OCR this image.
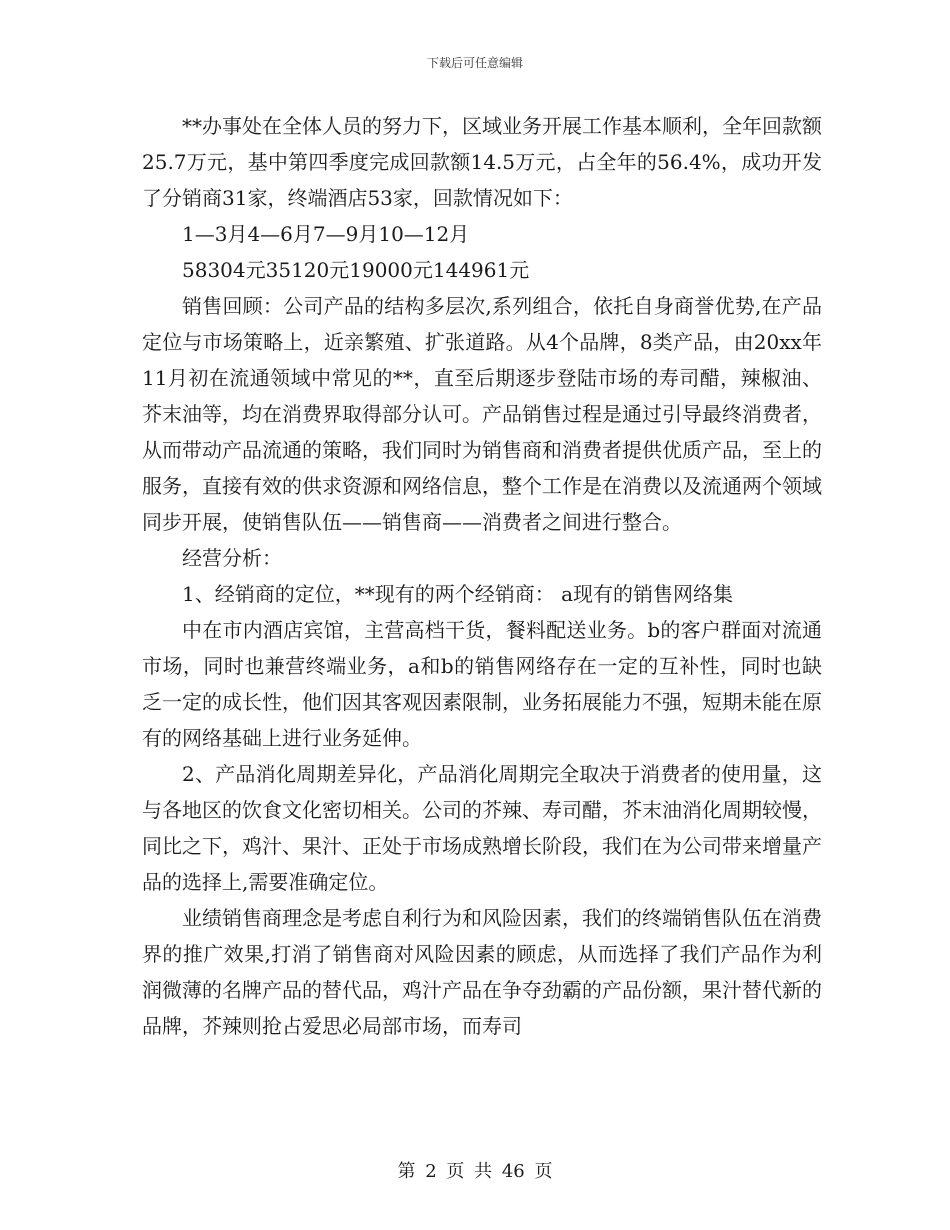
下载后可任意编辑

**办事处在全体人员的努力下，区域业务开展工作基本顺利，全年回款额25.7万元，基中第四季度完成回款额14.5万元，占全年的56.4%，成功开发了分销商31家，终端酒店53家，回款情况如下：

1—3月4—6月7—9月10—12月

58304元35120元19000元144961元

销售回顾：公司产品的结构多层次,系列组合，依托自身商誉优势,在产品定位与市场策略上，近亲繁殖、扩张道路。从4个品牌，8类产品，由20xx年11月初在流通领域中常见的**，直至后期逐步登陆市场的寿司醋，辣椒油、芥末油等，均在消费界取得部分认可。产品销售过程是通过引导最终消费者，从而带动产品流通的策略，我们同时为销售商和消费者提供优质产品，至上的服务，直接有效的供求资源和网络信息，整个工作是在消费以及流通两个领域同步开展，使销售队伍——销售商——消费者之间进行整合。

经营分析：

1、经销商的定位，**现有的两个经销商： a现有的销售网络集

中在市内酒店宾馆，主营高档干货，餐料配送业务。b的客户群面对流通市场，同时也兼营终端业务，a和b的销售网络存在一定的互补性，同时也缺乏一定的成长性，他们因其客观因素限制，业务拓展能力不强，短期未能在原有的网络基础上进行业务延伸。

2、产品消化周期差异化，产品消化周期完全取决于消费者的使用量，这与各地区的饮食文化密切相关。公司的芥辣、寿司醋，芥末油消化周期较慢，同比之下，鸡汁、果汁、正处于市场成熟增长阶段，我们在为公司带来增量产品的选择上,需要准确定位。

业绩销售商理念是考虑自利行为和风险因素，我们的终端销售队伍在消费界的推广效果,打消了销售商对风险因素的顾虑，从而选择了我们产品作为利润微薄的名牌产品的替代品，鸡汁产品在争夺劲霸的产品份额，果汁替代新的品牌，芥辣则抢占爱思必局部市场，而寿司

第 2 页 共 46 页
